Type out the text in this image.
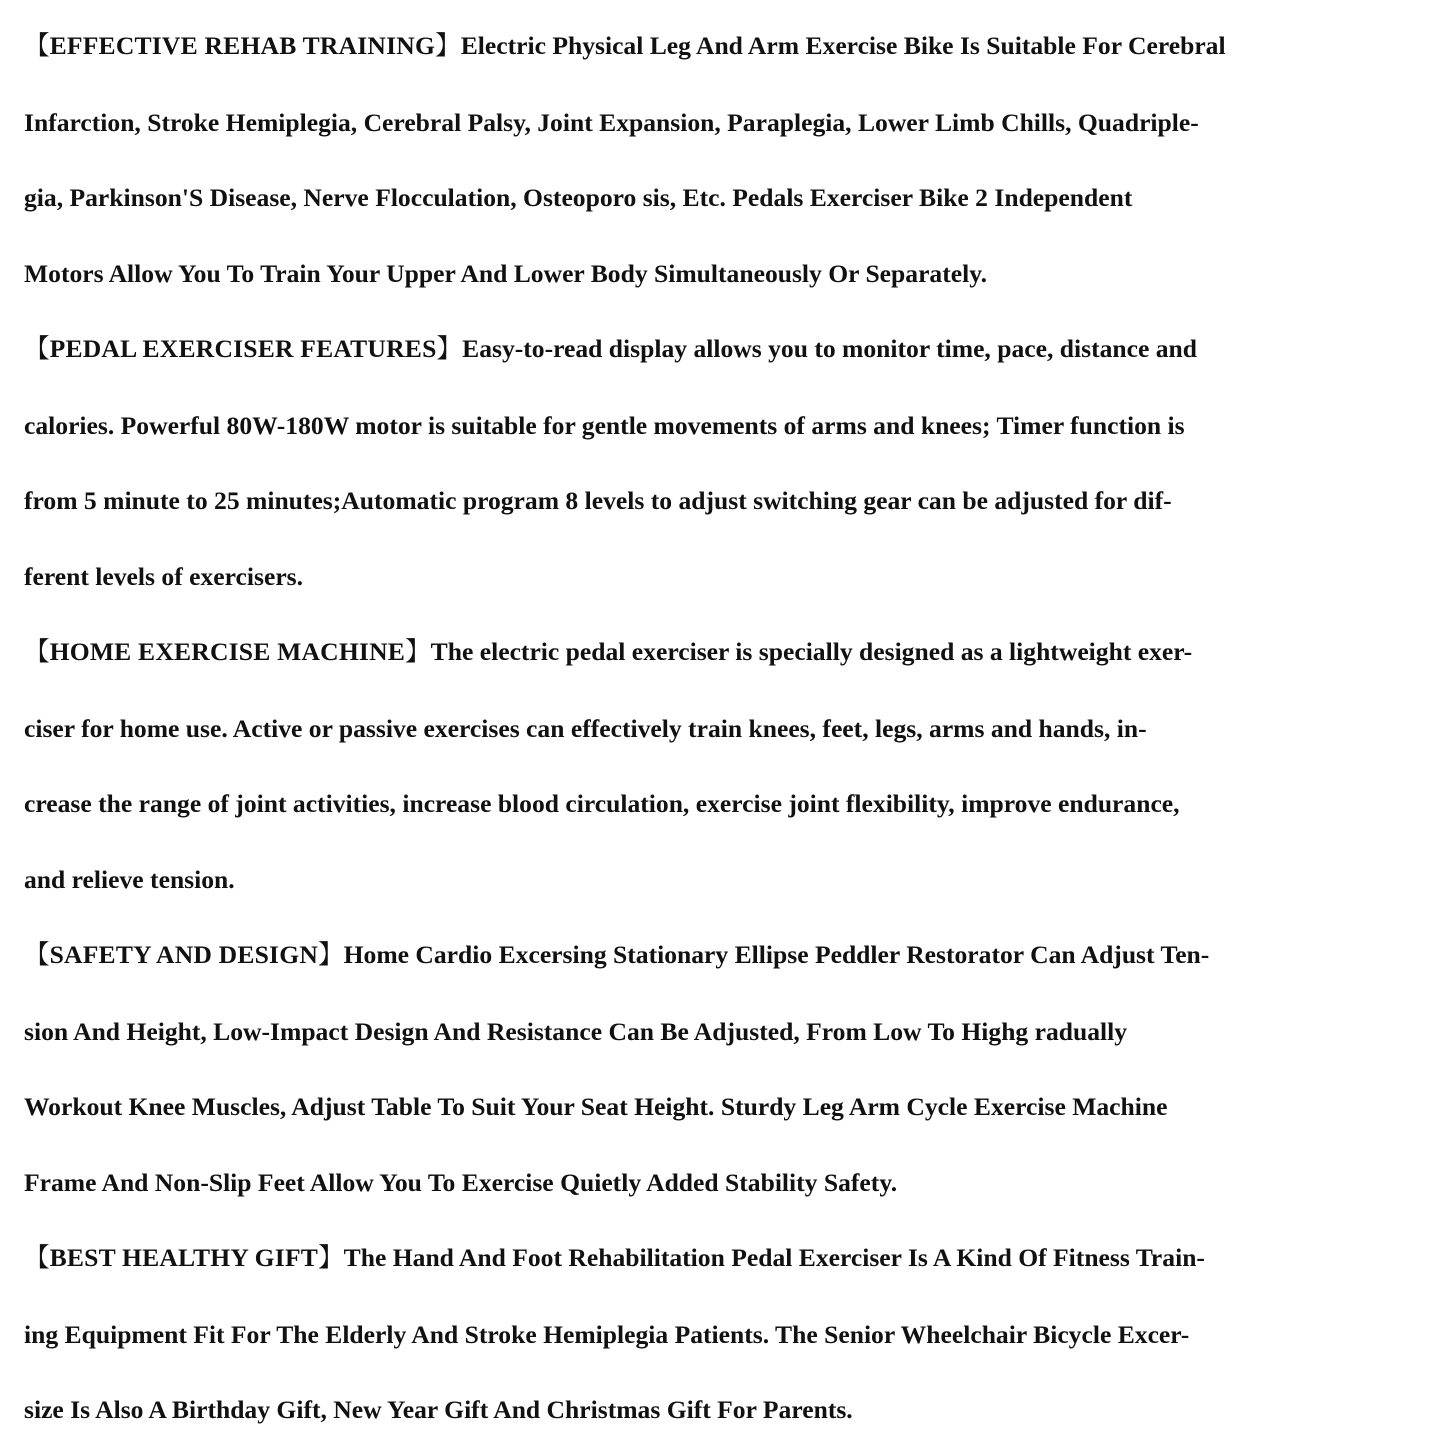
【EFFECTIVE REHAB TRAINING】Electric Physical Leg And Arm Exercise Bike Is Suitable For Cerebral
Infarction, Stroke Hemiplegia, Cerebral Palsy, Joint Expansion, Paraplegia, Lower Limb Chills, Quadriple-
gia, Parkinson'S Disease, Nerve Flocculation, Osteoporo sis, Etc. Pedals Exerciser Bike 2 Independent
Motors Allow You To Train Your Upper And Lower Body Simultaneously Or Separately.

【PEDAL EXERCISER FEATURES】Easy-to-read display allows you to monitor time, pace, distance and
calories. Powerful 80W-180W motor is suitable for gentle movements of arms and knees; Timer function is
from 5 minute to 25 minutes;Automatic program 8 levels to adjust switching gear can be adjusted for dif-
ferent levels of exercisers.

【HOME EXERCISE MACHINE】The electric pedal exerciser is specially designed as a lightweight exer-
ciser for home use. Active or passive exercises can effectively train knees, feet, legs, arms and hands, in-
crease the range of joint activities, increase blood circulation, exercise joint flexibility, improve endurance,
and relieve tension.

【SAFETY AND DESIGN】Home Cardio Excersing Stationary Ellipse Peddler Restorator Can Adjust Ten-
sion And Height, Low-Impact Design And Resistance Can Be Adjusted, From Low To Highg radually
Workout Knee Muscles, Adjust Table To Suit Your Seat Height. Sturdy Leg Arm Cycle Exercise Machine
Frame And Non-Slip Feet Allow You To Exercise Quietly Added Stability Safety.

【BEST HEALTHY GIFT】The Hand And Foot Rehabilitation Pedal Exerciser Is A Kind Of Fitness Train-
ing Equipment Fit For The Elderly And Stroke Hemiplegia Patients. The Senior Wheelchair Bicycle Excer-
size Is Also A Birthday Gift, New Year Gift And Christmas Gift For Parents.
